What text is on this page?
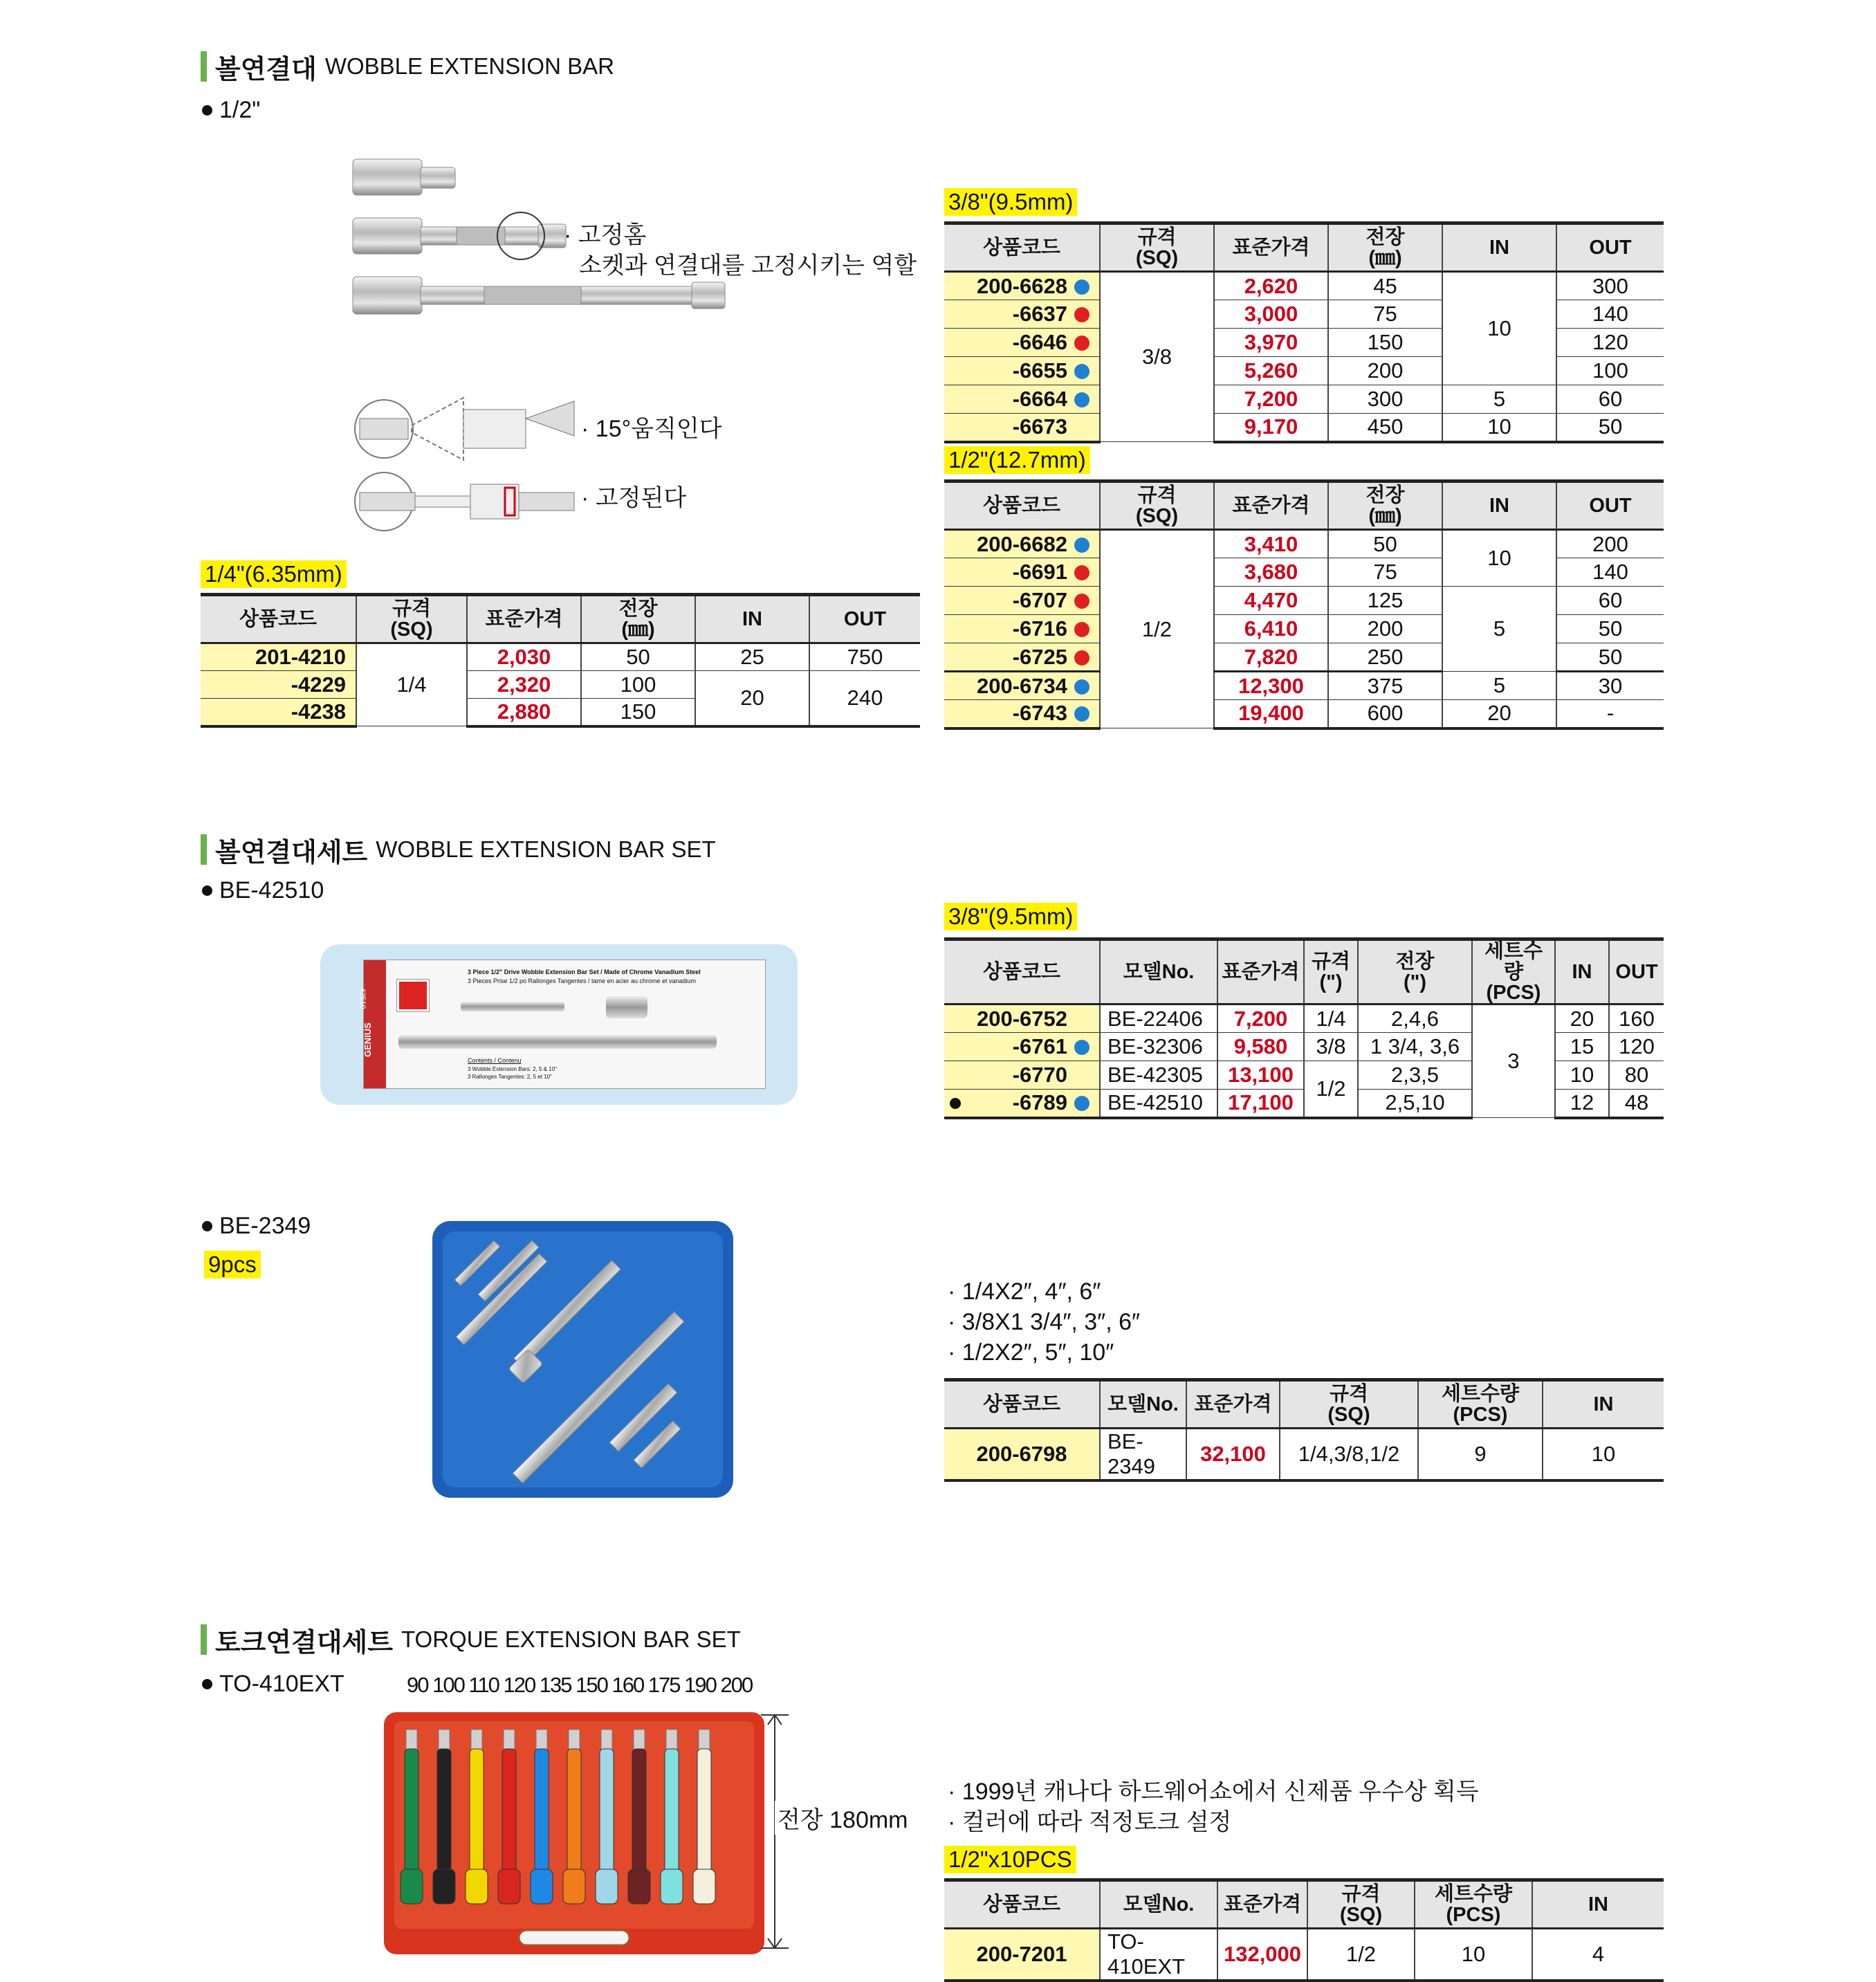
볼연결대 WOBBLE EXTENSION BAR
1/2"
· 고정홈
소켓과 연결대를 고정시키는 역할
· 15°움직인다
· 고정된다
1/4"(6.35mm)
상품코드	규격
(SQ)	표준가격	전장
(㎜)	IN	OUT
201-4210	1/4	2,030	50	25	750
-4229		2,320	100	20	240
-4238		2,880	150		
3/8"(9.5mm)
상품코드	규격
(SQ)	표준가격	전장
(㎜)	IN	OUT
200-6628	3/8	2,620	45	10	300
-6637		3,000	75		140
-6646		3,970	150		120
-6655		5,260	200		100
-6664		7,200	300	5	60
-6673		9,170	450	10	50
1/2"(12.7mm)
상품코드	규격
(SQ)	표준가격	전장
(㎜)	IN	OUT
200-6682	1/2	3,410	50	10	200
-6691		3,680	75		140
-6707		4,470	125	5	60
-6716		6,410	200		50
-6725		7,820	250		50
200-6734		12,300	375	5	30
-6743		19,400	600	20	-
볼연결대세트 WOBBLE EXTENSION BAR SET
BE-42510
GENIUS
42510
3 Piece 1/2" Drive Wobble Extension Bar Set / Made of Chrome Vanadium Steel
3 Pieces Prise 1/2 po Rallonges Tangentes / tame en acier au chrome et vanadium
Contents / Contenu
3 Wobble Extension Bars: 2, 5 & 10"
3 Rallonges Tangentes: 2, 5 et 10"
3/8"(9.5mm)
상품코드	모델No.	표준가격	규격
(")	전장
(")	세트수량
(PCS)	IN	OUT
200-6752	BE-22406	7,200	1/4	2,4,6	3	20	160
-6761	BE-32306	9,580	3/8	1 3/4, 3,6		15	120
-6770	BE-42305	13,100	1/2	2,3,5		10	80

-6789	BE-42510	17,100		2,5,10		12	48
BE-2349
9pcs
· 1/4X2″, 4″, 6″
· 3/8X1 3/4″, 3″, 6″
· 1/2X2″, 5″, 10″
상품코드	모델No.	표준가격	규격
(SQ)	세트수량
(PCS)	IN
200-6798	BE-2349	32,100	1/4,3/8,1/2	9	10
토크연결대세트 TORQUE EXTENSION BAR SET
TO-410EXT	90 100 110 120 135 150 160 175 190 200
전장 180mm
· 1999년 캐나다 하드웨어쇼에서 신제품 우수상 획득
· 컬러에 따라 적정토크 설정
1/2"x10PCS
상품코드	모델No.	표준가격	규격
(SQ)	세트수량
(PCS)	IN
200-7201	TO-410EXT	132,000	1/2	10	4
